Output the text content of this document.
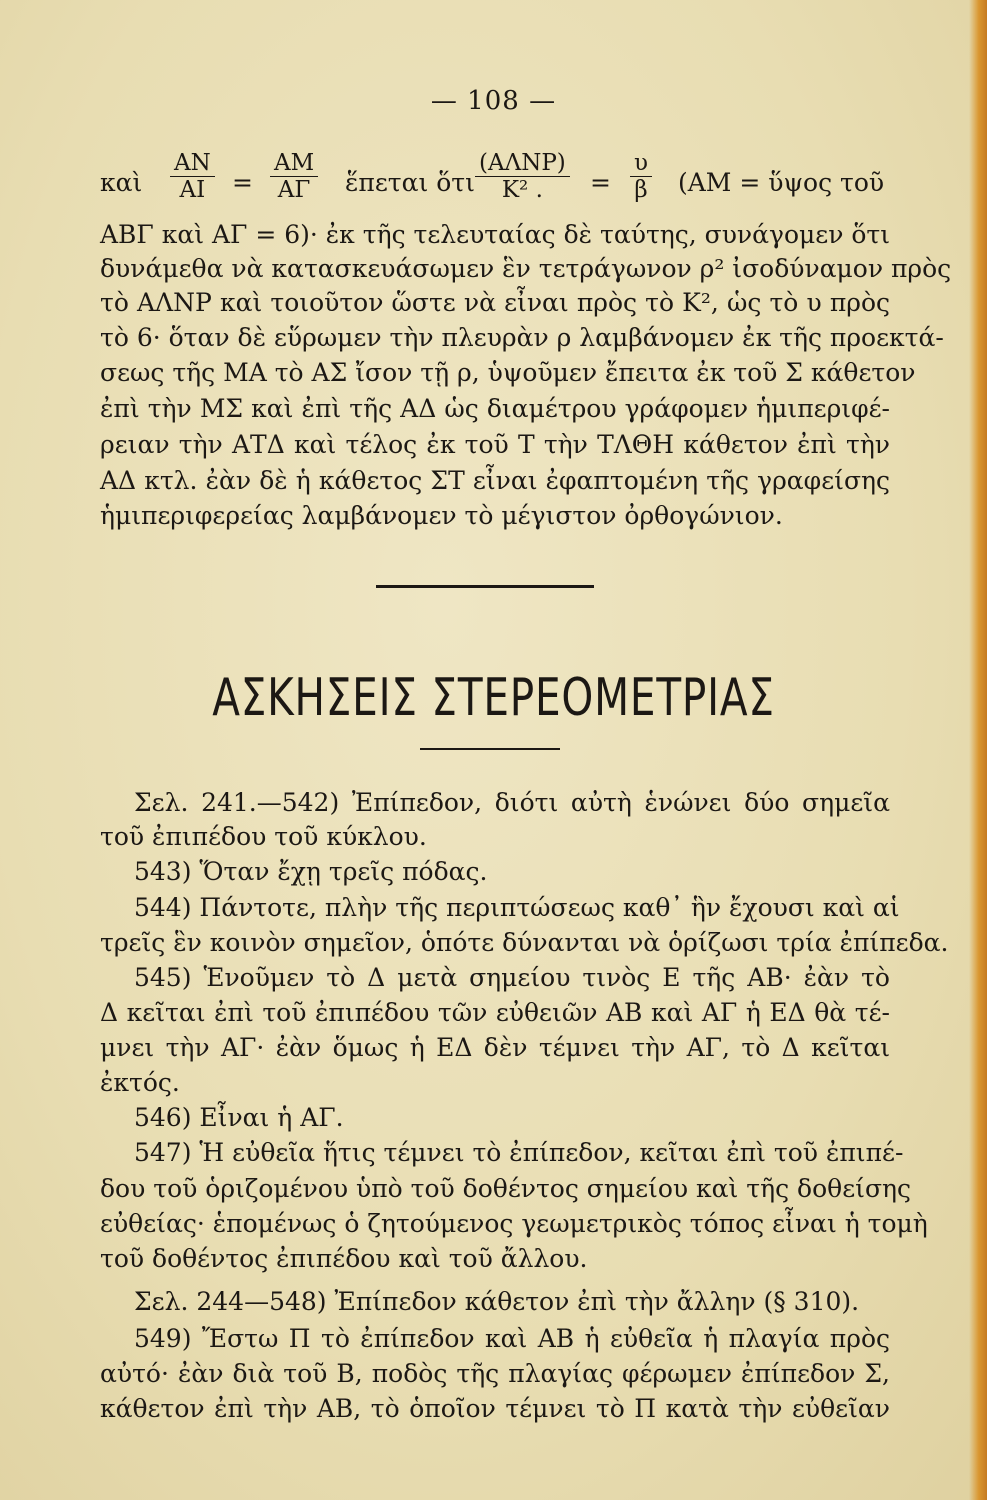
— 108 —
καὶ $\frac{AN}{AI} = \frac{AM}{A\Gamma}$ ἕπεται ὅτι
(ΑΛΝΡ)
Κ² .	= $\frac{\upsilon}{\beta} (AM$ = ὕψος τοῦ
ΑΒΓ καὶ ΑΓ = 6)· ἐκ τῆς τελευταίας δὲ ταύτης, συνάγομεν ὅτι
δυνάμεθα νὰ κατασκευάσωμεν ἓν τετράγωνον ρ² ἰσοδύναμον πρὸς
τὸ ΑΛΝΡ καὶ τοιοῦτον ὥστε νὰ εἶναι πρὸς τὸ Κ², ὡς τὸ υ πρὸς
τὸ 6· ὅταν δὲ εὕρωμεν τὴν πλευρὰν ρ λαμβάνομεν ἐκ τῆς προεκτά-
σεως τῆς ΜΑ τὸ ΑΣ ἴσον τῇ ρ, ὑψοῦμεν ἔπειτα ἐκ τοῦ Σ κάθετον
ἐπὶ τὴν ΜΣ καὶ ἐπὶ τῆς ΑΔ ὡς διαμέτρου γράφομεν ἡμιπεριφέ-
ρειαν τὴν ΑΤΔ καὶ τέλος ἐκ τοῦ Τ τὴν ΤΛΘΗ κάθετον ἐπὶ τὴν
ΑΔ κτλ. ἐὰν δὲ ἡ κάθετος ΣΤ εἶναι ἐφαπτομένη τῆς γραφείσης
ἡμιπεριφερείας λαμβάνομεν τὸ μέγιστον ὀρθογώνιον.
ΑΣΚΗΣΕΙΣ ΣΤΕΡΕΟΜΕΤΡΙΑΣ
Σελ. 241.—542) Ἐπίπεδον, διότι αὐτὴ ἑνώνει δύο σημεῖα
τοῦ ἐπιπέδου τοῦ κύκλου.
543) Ὅταν ἔχῃ τρεῖς πόδας.
544) Πάντοτε, πλὴν τῆς περιπτώσεως καθ᾽ ἣν ἔχουσι καὶ αἱ
τρεῖς ἓν κοινὸν σημεῖον, ὁπότε δύνανται νὰ ὁρίζωσι τρία ἐπίπεδα.
545) Ἑνοῦμεν τὸ Δ μετὰ σημείου τινὸς Ε τῆς ΑΒ· ἐὰν τὸ
Δ κεῖται ἐπὶ τοῦ ἐπιπέδου τῶν εὐθειῶν ΑΒ καὶ ΑΓ ἡ ΕΔ θὰ τέ-
μνει τὴν ΑΓ· ἐὰν ὅμως ἡ ΕΔ δὲν τέμνει τὴν ΑΓ, τὸ Δ κεῖται
ἐκτός.
546) Εἶναι ἡ ΑΓ.
547) Ἡ εὐθεῖα ἥτις τέμνει τὸ ἐπίπεδον, κεῖται ἐπὶ τοῦ ἐπιπέ-
δου τοῦ ὁριζομένου ὑπὸ τοῦ δοθέντος σημείου καὶ τῆς δοθείσης
εὐθείας· ἑπομένως ὁ ζητούμενος γεωμετρικὸς τόπος εἶναι ἡ τομὴ
τοῦ δοθέντος ἐπιπέδου καὶ τοῦ ἄλλου.
Σελ. 244—548) Ἐπίπεδον κάθετον ἐπὶ τὴν ἄλλην (§ 310).
549) Ἔστω Π τὸ ἐπίπεδον καὶ ΑΒ ἡ εὐθεῖα ἡ πλαγία πρὸς
αὐτό· ἐὰν διὰ τοῦ Β, ποδὸς τῆς πλαγίας φέρωμεν ἐπίπεδον Σ,
κάθετον ἐπὶ τὴν ΑΒ, τὸ ὁποῖον τέμνει τὸ Π κατὰ τὴν εὐθεῖαν
